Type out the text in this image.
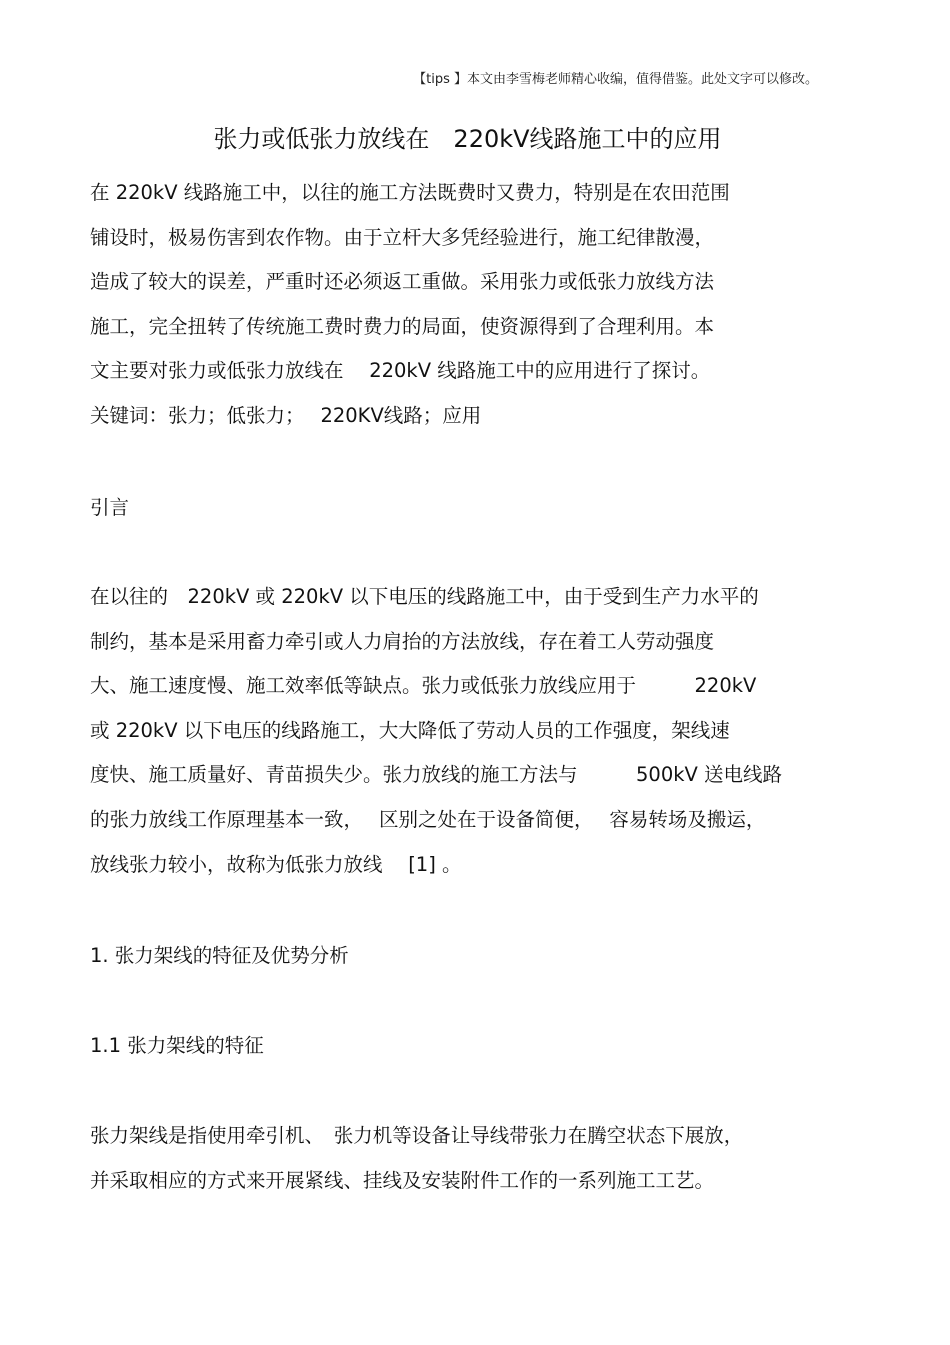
【tips 】本文由李雪梅老师精心收编，值得借鉴。此处文字可以修改。
张力或低张力放线在　220kV线路施工中的应用
在 220kV 线路施工中，以往的施工方法既费时又费力，特别是在农田范围
铺设时，极易伤害到农作物。由于立杆大多凭经验进行，施工纪律散漫，
造成了较大的误差，严重时还必须返工重做。采用张力或低张力放线方法
施工，完全扭转了传统施工费时费力的局面，使资源得到了合理利用。本
文主要对张力或低张力放线在　 220kV 线路施工中的应用进行了探讨。
关键词：张力；低张力；　 220KV线路；应用
引言
在以往的　220kV 或 220kV 以下电压的线路施工中，由于受到生产力水平的
制约，基本是采用畜力牵引或人力肩抬的方法放线，存在着工人劳动强度
大、施工速度慢、施工效率低等缺点。张力或低张力放线应用于　　　220kV
或 220kV 以下电压的线路施工，大大降低了劳动人员的工作强度，架线速
度快、施工质量好、青苗损失少。张力放线的施工方法与　　　500kV 送电线路
的张力放线工作原理基本一致，　 区别之处在于设备简便，　 容易转场及搬运，
放线张力较小，故称为低张力放线　 [1] 。
1. 张力架线的特征及优势分析
1.1 张力架线的特征
张力架线是指使用牵引机、　张力机等设备让导线带张力在腾空状态下展放，
并采取相应的方式来开展紧线、挂线及安装附件工作的一系列施工工艺。
